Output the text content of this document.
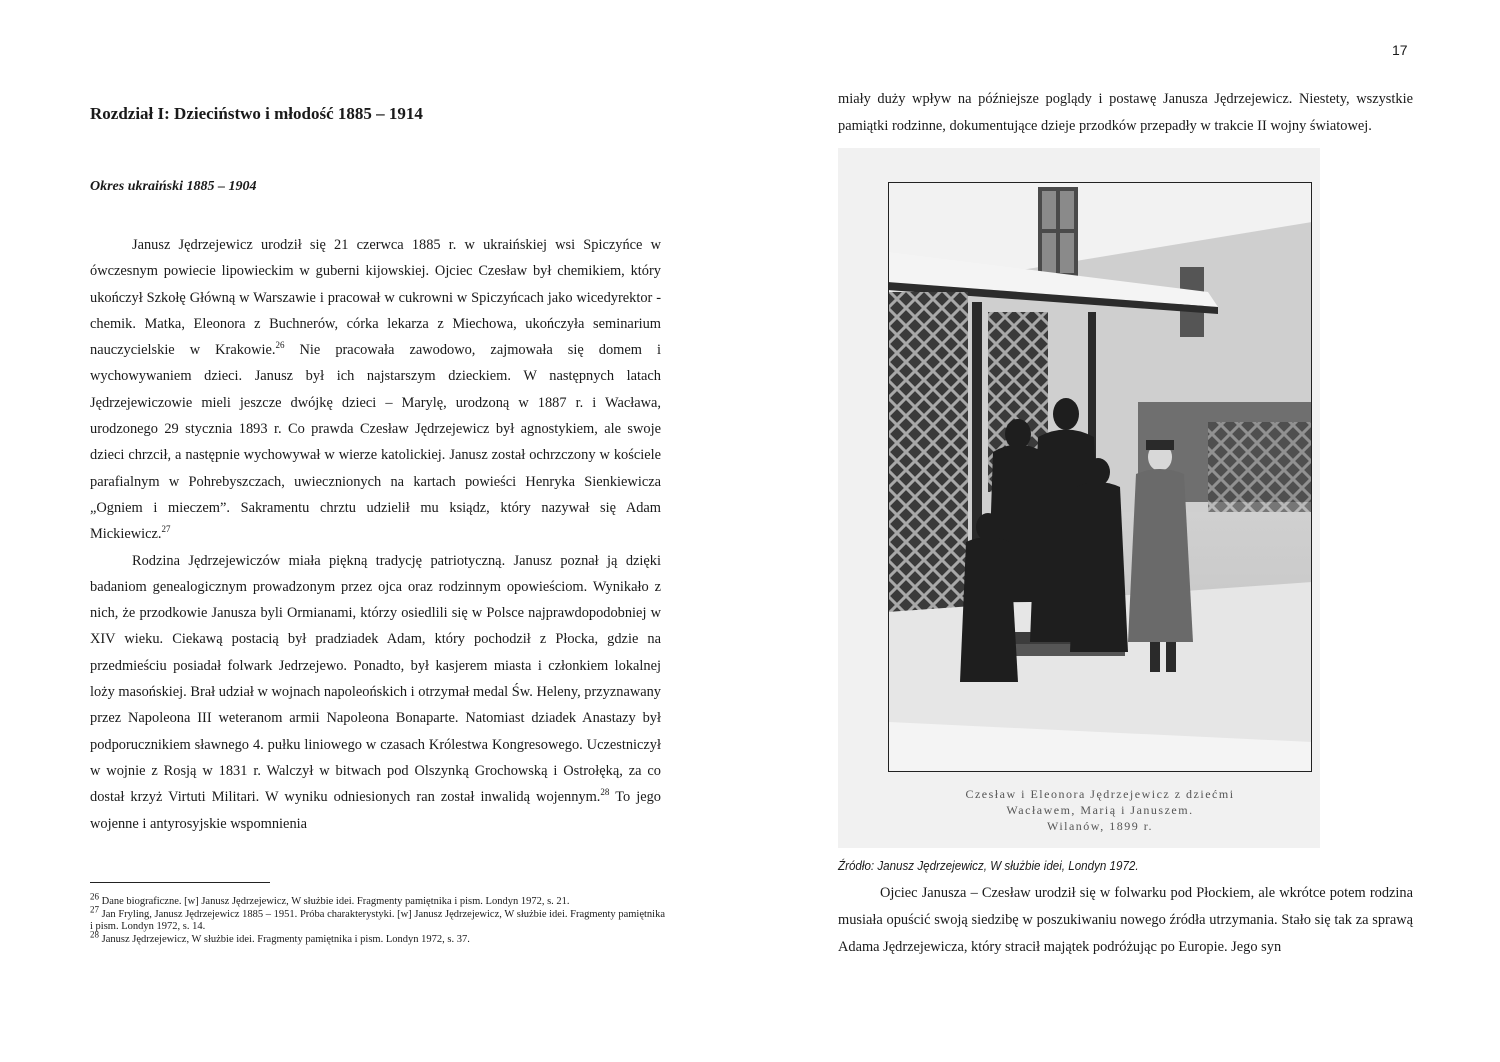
17
Rozdział I: Dzieciństwo i młodość 1885 – 1914
Okres ukraiński 1885 – 1904

Janusz Jędrzejewicz urodził się 21 czerwca 1885 r. w ukraińskiej wsi Spiczyńce w ówczesnym powiecie lipowieckim w guberni kijowskiej. Ojciec Czesław był chemikiem, który ukończył Szkołę Główną w Warszawie i pracował w cukrowni w Spiczyńcach jako wicedyrektor - chemik. Matka, Eleonora z Buchnerów, córka lekarza z Miechowa, ukończyła seminarium nauczycielskie w Krakowie.$^{26}$ Nie pracowała zawodowo, zajmowała się domem i wychowywaniem dzieci. Janusz był ich najstarszym dzieckiem. W następnych latach Jędrzejewiczowie mieli jeszcze dwójkę dzieci – Marylę, urodzoną w 1887 r. i Wacława, urodzonego 29 stycznia 1893 r. Co prawda Czesław Jędrzejewicz był agnostykiem, ale swoje dzieci chrzcił, a następnie wychowywał w wierze katolickiej. Janusz został ochrzczony w kościele parafialnym w Pohrebyszczach, uwiecznionych na kartach powieści Henryka Sienkiewicza „Ogniem i mieczem”. Sakramentu chrztu udzielił mu ksiądz, który nazywał się Adam Mickiewicz.$^{27}$

Rodzina Jędrzejewiczów miała piękną tradycję patriotyczną. Janusz poznał ją dzięki badaniom genealogicznym prowadzonym przez ojca oraz rodzinnym opowieściom. Wynikało z nich, że przodkowie Janusza byli Ormianami, którzy osiedlili się w Polsce najprawdopodobniej w XIV wieku. Ciekawą postacią był pradziadek Adam, który pochodził z Płocka, gdzie na przedmieściu posiadał folwark Jedrzejewo. Ponadto, był kasjerem miasta i członkiem lokalnej loży masońskiej. Brał udział w wojnach napoleońskich i otrzymał medal Św. Heleny, przyznawany przez Napoleona III weteranom armii Napoleona Bonaparte. Natomiast dziadek Anastazy był podporucznikiem sławnego 4. pułku liniowego w czasach Królestwa Kongresowego. Uczestniczył w wojnie z Rosją w 1831 r. Walczył w bitwach pod Olszynką Grochowską i Ostrołęką, za co dostał krzyż Virtuti Militari. W wyniku odniesionych ran został inwalidą wojennym.$^{28}$ To jego wojenne i antyrosyjskie wspomnienia

$^{26}$ Dane biograficzne. [w] Janusz Jędrzejewicz, W służbie idei. Fragmenty pamiętnika i pism. Londyn 1972, s. 21.
$^{27}$ Jan Fryling, Janusz Jędrzejewicz 1885 – 1951. Próba charakterystyki. [w] Janusz Jędrzejewicz, W służbie idei. Fragmenty pamiętnika i pism. Londyn 1972, s. 14.
$^{28}$ Janusz Jędrzejewicz, W służbie idei. Fragmenty pamiętnika i pism. Londyn 1972, s. 37.

miały duży wpływ na późniejsze poglądy i postawę Janusza Jędrzejewicz. Niestety, wszystkie pamiątki rodzinne, dokumentujące dzieje przodków przepadły w trakcie II wojny światowej.

Czesław i Eleonora Jędrzejewicz z dziećmi
Wacławem, Marią i Januszem.
Wilanów, 1899 r.
Źródło: Janusz Jędrzejewicz, W służbie idei, Londyn 1972.

Ojciec Janusza – Czesław urodził się w folwarku pod Płockiem, ale wkrótce potem rodzina musiała opuścić swoją siedzibę w poszukiwaniu nowego źródła utrzymania. Stało się tak za sprawą Adama Jędrzejewicza, który stracił majątek podróżując po Europie. Jego syn
